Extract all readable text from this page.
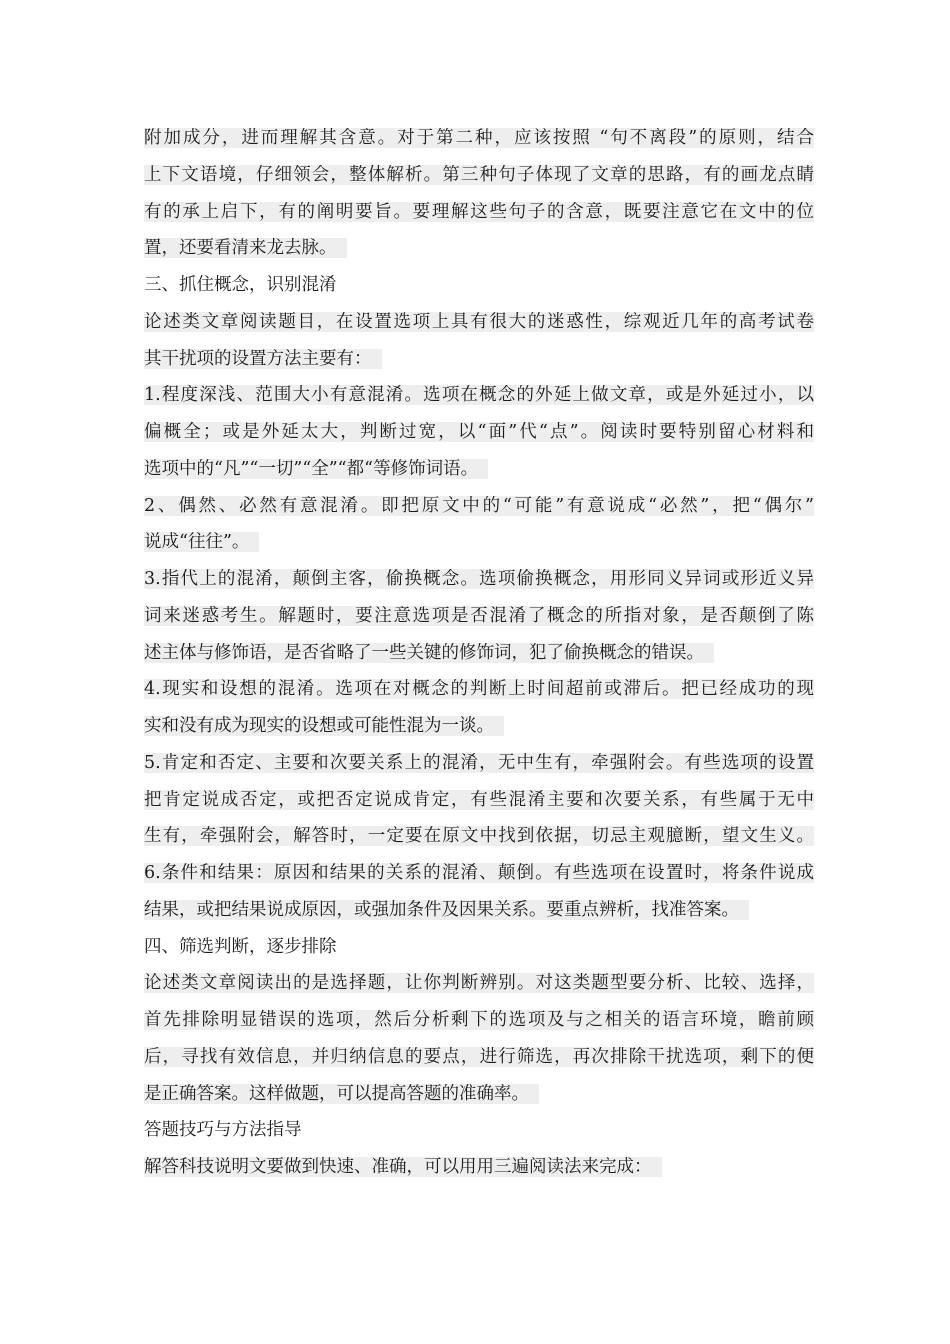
附加成分，进而理解其含意。对于第二种，应该按照 “句不离段”的原则，结合
上下文语境，仔细领会，整体解析。第三种句子体现了文章的思路，有的画龙点睛
有的承上启下，有的阐明要旨。要理解这些句子的含意，既要注意它在文中的位
置，还要看清来龙去脉。
三、抓住概念，识别混淆
论述类文章阅读题目，在设置选项上具有很大的迷惑性，综观近几年的高考试卷
其干扰项的设置方法主要有：
1.程度深浅、范围大小有意混淆。选项在概念的外延上做文章，或是外延过小，以
偏概全；或是外延太大，判断过宽，以“面”代“点”。阅读时要特别留心材料和
选项中的“凡”“一切”“全”“都“等修饰词语。
2、偶然、必然有意混淆。即把原文中的“可能”有意说成“必然”，把“偶尔”
说成“往往”。
3.指代上的混淆，颠倒主客，偷换概念。选项偷换概念，用形同义异词或形近义异
词来迷惑考生。解题时，要注意选项是否混淆了概念的所指对象，是否颠倒了陈
述主体与修饰语，是否省略了一些关键的修饰词，犯了偷换概念的错误。
4.现实和设想的混淆。选项在对概念的判断上时间超前或滞后。把已经成功的现
实和没有成为现实的设想或可能性混为一谈。
5.肯定和否定、主要和次要关系上的混淆，无中生有，牵强附会。有些选项的设置
把肯定说成否定，或把否定说成肯定，有些混淆主要和次要关系，有些属于无中
生有，牵强附会，解答时，一定要在原文中找到依据，切忌主观臆断，望文生义。
6.条件和结果：原因和结果的关系的混淆、颠倒。有些选项在设置时，将条件说成
结果，或把结果说成原因，或强加条件及因果关系。要重点辨析，找准答案。
四、筛选判断，逐步排除
论述类文章阅读出的是选择题，让你判断辨别。对这类题型要分析、比较、选择，
首先排除明显错误的选项，然后分析剩下的选项及与之相关的语言环境，瞻前顾
后，寻找有效信息，并归纳信息的要点，进行筛选，再次排除干扰选项，剩下的便
是正确答案。这样做题，可以提高答题的准确率。
答题技巧与方法指导
解答科技说明文要做到快速、准确，可以用用三遍阅读法来完成：
